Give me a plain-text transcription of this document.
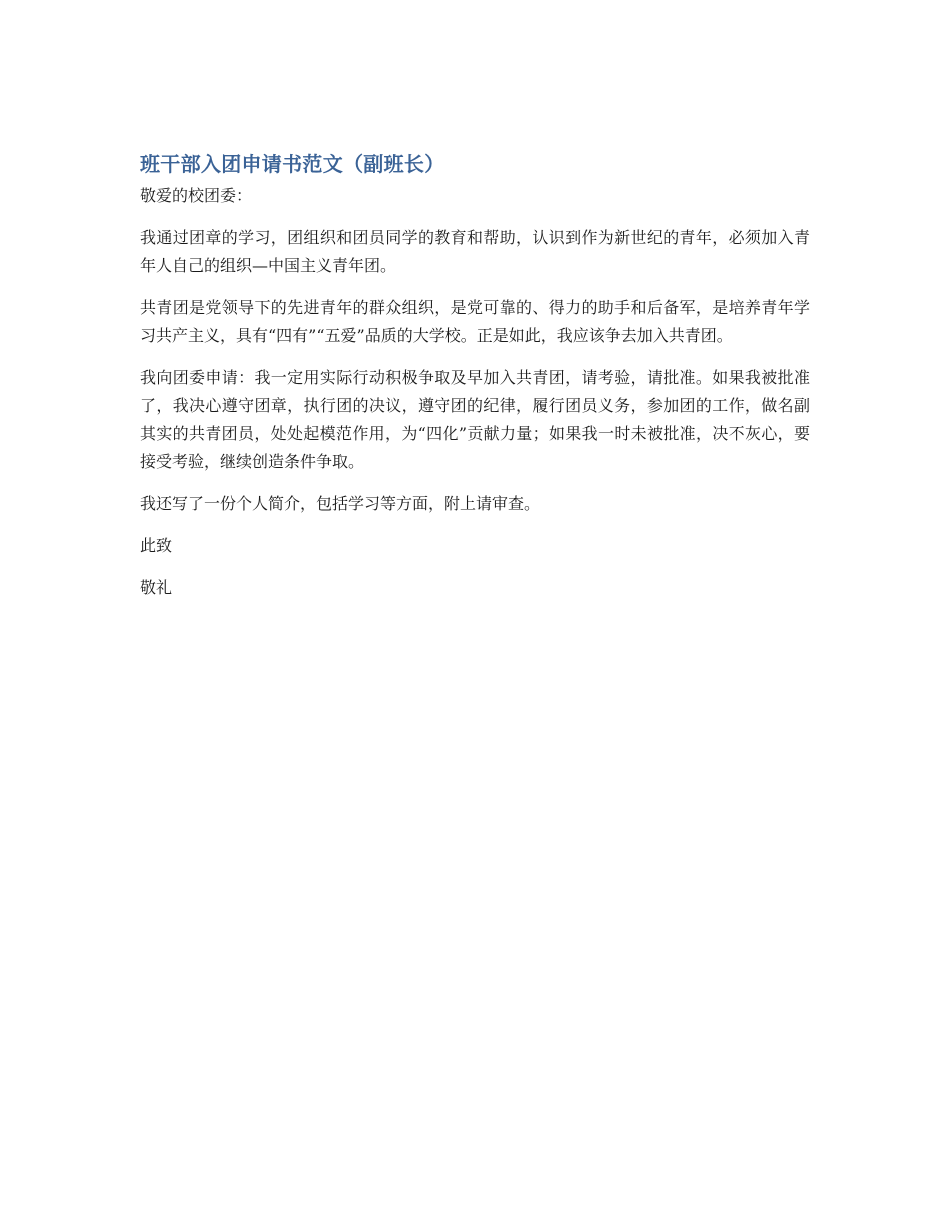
班干部入团申请书范文（副班长）

敬爱的校团委：

我通过团章的学习，团组织和团员同学的教育和帮助，认识到作为新世纪的青年，必须加入青年人自己的组织—中国主义青年团。

共青团是党领导下的先进青年的群众组织，是党可靠的、得力的助手和后备军，是培养青年学习共产主义，具有“四有”“五爱”品质的大学校。正是如此，我应该争去加入共青团。

我向团委申请：我一定用实际行动积极争取及早加入共青团，请考验，请批准。如果我被批准了，我决心遵守团章，执行团的决议，遵守团的纪律，履行团员义务，参加团的工作，做名副其实的共青团员，处处起模范作用，为“四化”贡献力量；如果我一时未被批准，决不灰心，要接受考验，继续创造条件争取。

我还写了一份个人简介，包括学习等方面，附上请审查。

此致

敬礼
